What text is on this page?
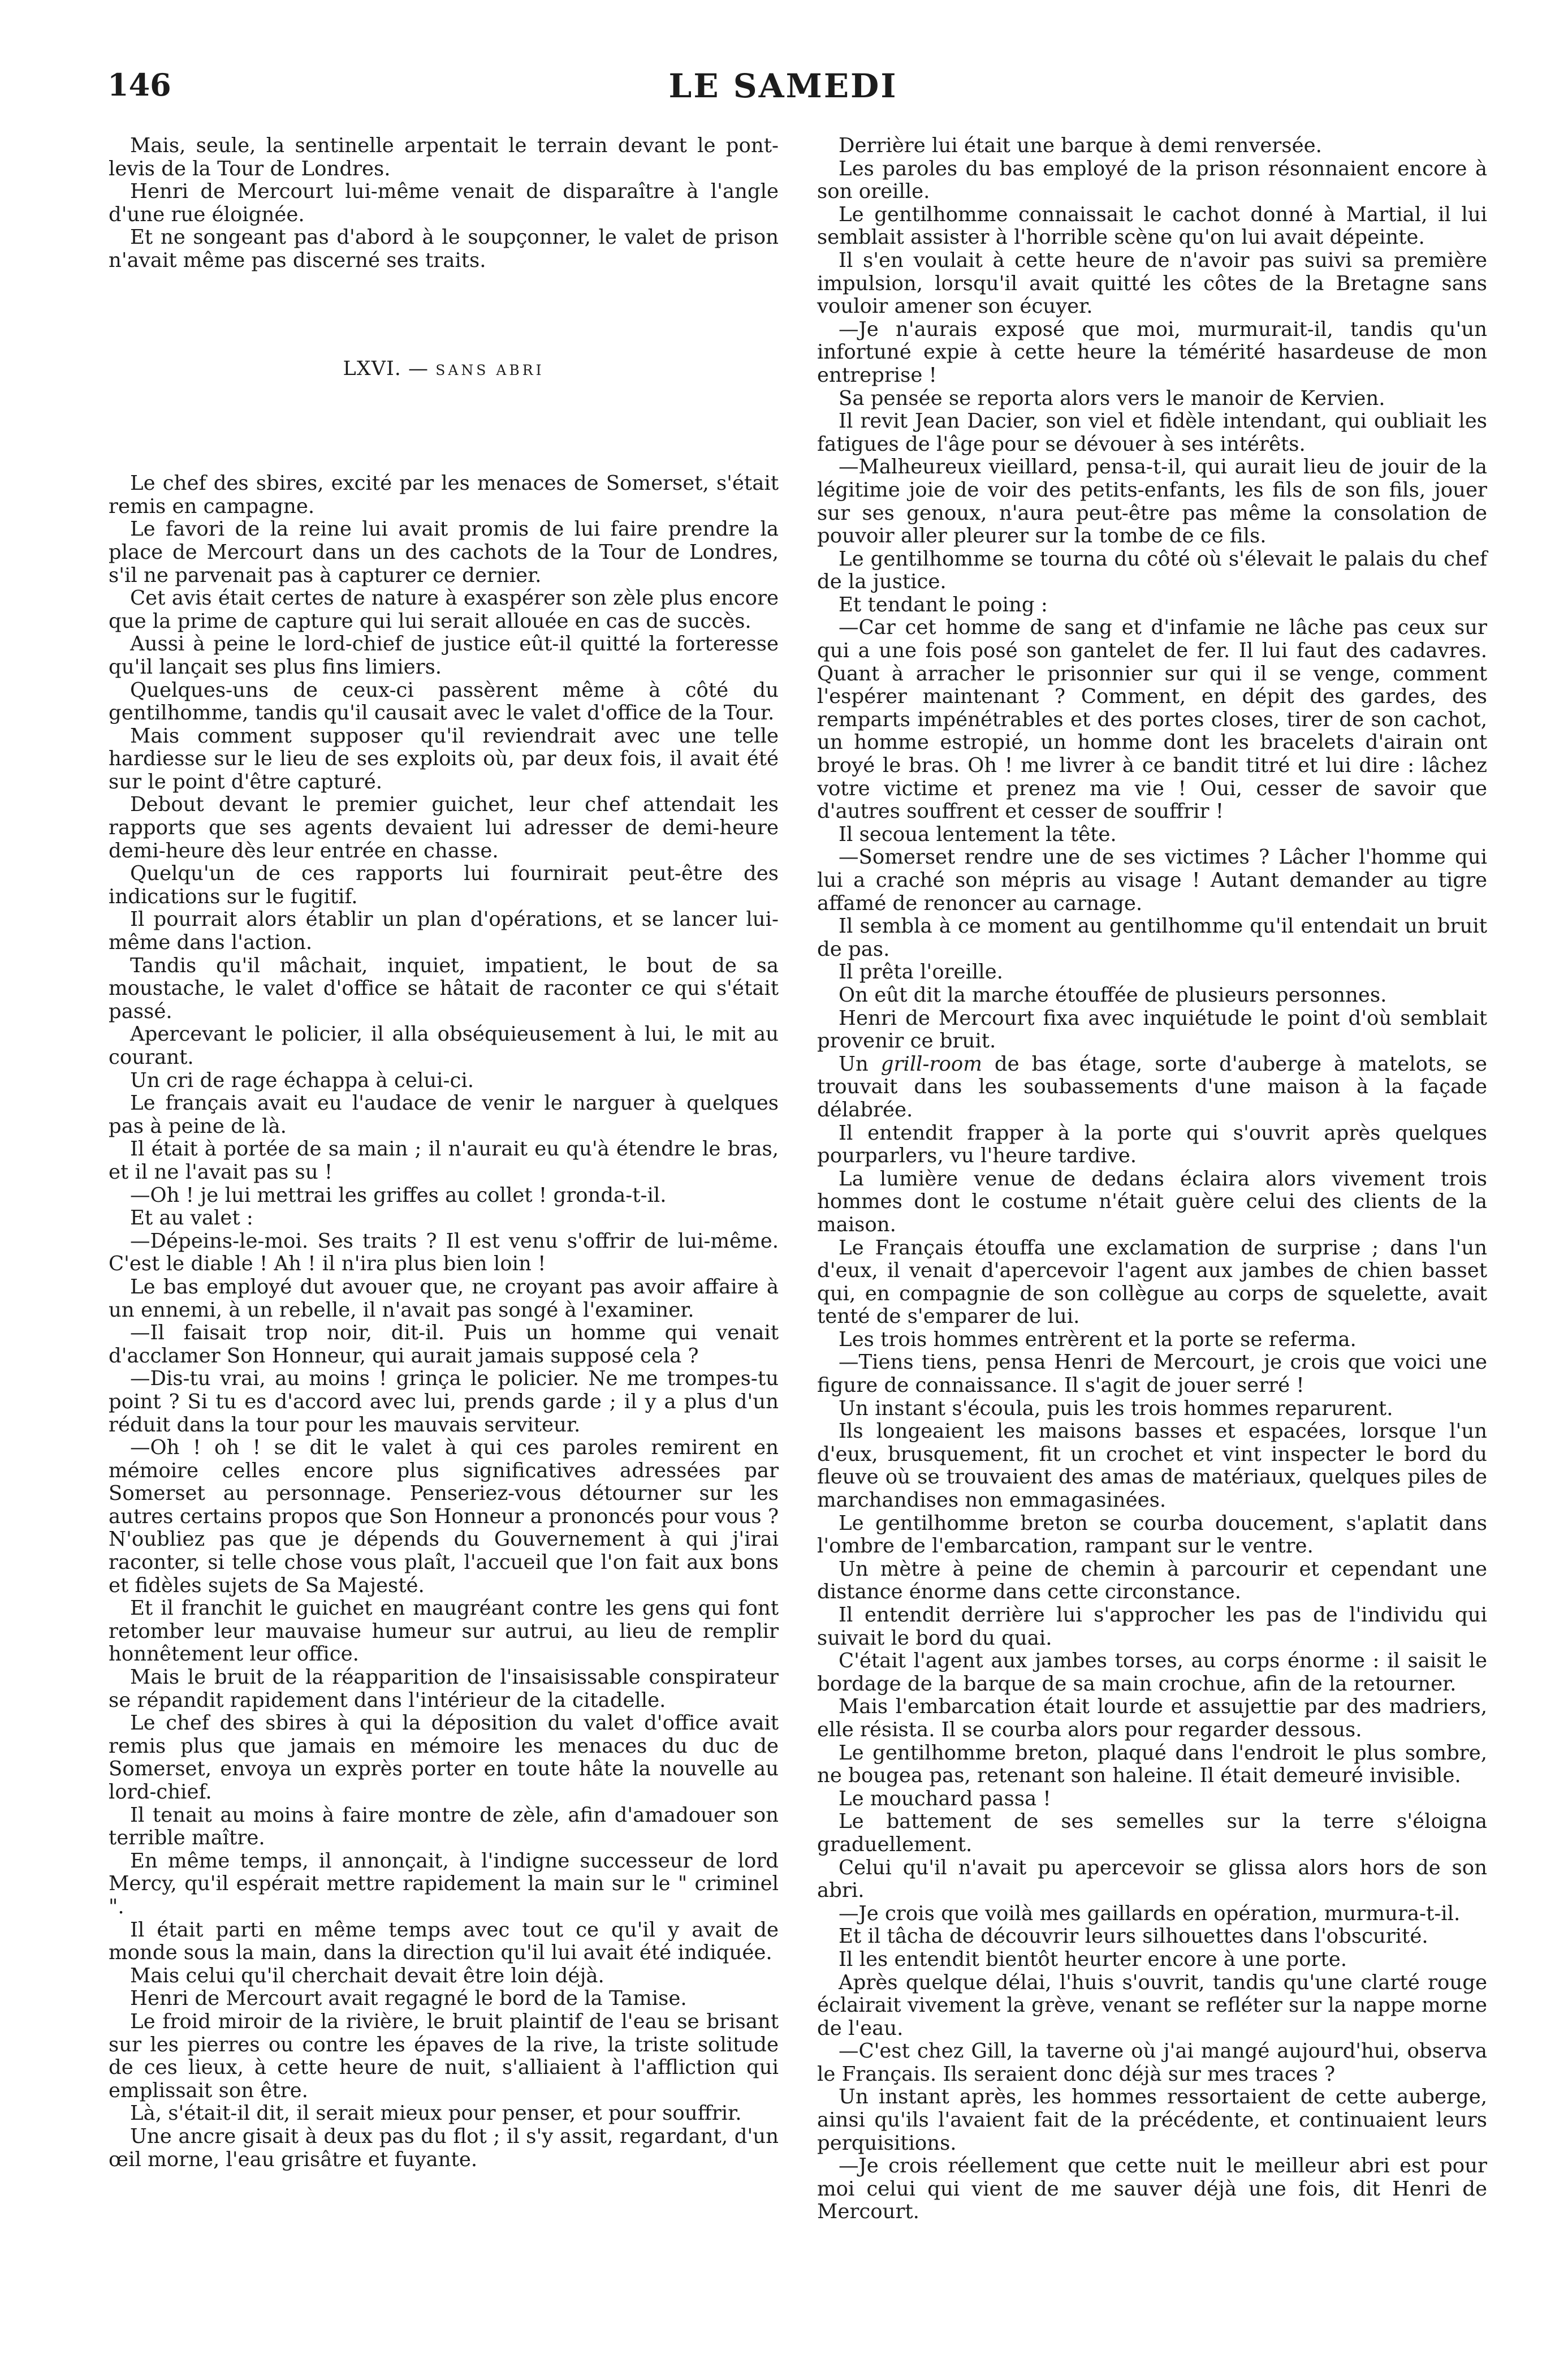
146	LE SAMEDI

Mais, seule, la sentinelle arpentait le terrain devant le pont-levis de la Tour de Londres.

Henri de Mercourt lui-même venait de disparaître à l'angle d'une rue éloignée.

Et ne songeant pas d'abord à le soupçonner, le valet de prison n'avait même pas discerné ses traits.

LXVI. — SANS ABRI

Le chef des sbires, excité par les menaces de Somerset, s'était remis en campagne.

Le favori de la reine lui avait promis de lui faire prendre la place de Mercourt dans un des cachots de la Tour de Londres, s'il ne parvenait pas à capturer ce dernier.

Cet avis était certes de nature à exaspérer son zèle plus encore que la prime de capture qui lui serait allouée en cas de succès.

Aussi à peine le lord-chief de justice eût-il quitté la forteresse qu'il lançait ses plus fins limiers.

Quelques-uns de ceux-ci passèrent même à côté du gentilhomme, tandis qu'il causait avec le valet d'office de la Tour.

Mais comment supposer qu'il reviendrait avec une telle hardiesse sur le lieu de ses exploits où, par deux fois, il avait été sur le point d'être capturé.

Debout devant le premier guichet, leur chef attendait les rapports que ses agents devaient lui adresser de demi-heure demi-heure dès leur entrée en chasse.

Quelqu'un de ces rapports lui fournirait peut-être des indications sur le fugitif.

Il pourrait alors établir un plan d'opérations, et se lancer lui-même dans l'action.

Tandis qu'il mâchait, inquiet, impatient, le bout de sa moustache, le valet d'office se hâtait de raconter ce qui s'était passé.

Apercevant le policier, il alla obséquieusement à lui, le mit au courant.

Un cri de rage échappa à celui-ci.

Le français avait eu l'audace de venir le narguer à quelques pas à peine de là.

Il était à portée de sa main ; il n'aurait eu qu'à étendre le bras, et il ne l'avait pas su !

—Oh ! je lui mettrai les griffes au collet ! gronda-t-il.

Et au valet :

—Dépeins-le-moi. Ses traits ? Il est venu s'offrir de lui-même. C'est le diable ! Ah ! il n'ira plus bien loin !

Le bas employé dut avouer que, ne croyant pas avoir affaire à un ennemi, à un rebelle, il n'avait pas songé à l'examiner.

—Il faisait trop noir, dit-il. Puis un homme qui venait d'acclamer Son Honneur, qui aurait jamais supposé cela ?

—Dis-tu vrai, au moins ! grinça le policier. Ne me trompes-tu point ? Si tu es d'accord avec lui, prends garde ; il y a plus d'un réduit dans la tour pour les mauvais serviteur.

—Oh ! oh ! se dit le valet à qui ces paroles remirent en mémoire celles encore plus significatives adressées par Somerset au personnage. Penseriez-vous détourner sur les autres certains propos que Son Honneur a prononcés pour vous ? N'oubliez pas que je dépends du Gouvernement à qui j'irai raconter, si telle chose vous plaît, l'accueil que l'on fait aux bons et fidèles sujets de Sa Majesté.

Et il franchit le guichet en maugréant contre les gens qui font retomber leur mauvaise humeur sur autrui, au lieu de remplir honnêtement leur office.

Mais le bruit de la réapparition de l'insaisissable conspirateur se répandit rapidement dans l'intérieur de la citadelle.

Le chef des sbires à qui la déposition du valet d'office avait remis plus que jamais en mémoire les menaces du duc de Somerset, envoya un exprès porter en toute hâte la nouvelle au lord-chief.

Il tenait au moins à faire montre de zèle, afin d'amadouer son terrible maître.

En même temps, il annonçait, à l'indigne successeur de lord Mercy, qu'il espérait mettre rapidement la main sur le " criminel ".

Il était parti en même temps avec tout ce qu'il y avait de monde sous la main, dans la direction qu'il lui avait été indiquée.

Mais celui qu'il cherchait devait être loin déjà.

Henri de Mercourt avait regagné le bord de la Tamise.

Le froid miroir de la rivière, le bruit plaintif de l'eau se brisant sur les pierres ou contre les épaves de la rive, la triste solitude de ces lieux, à cette heure de nuit, s'alliaient à l'affliction qui emplissait son être.

Là, s'était-il dit, il serait mieux pour penser, et pour souffrir.

Une ancre gisait à deux pas du flot ; il s'y assit, regardant, d'un œil morne, l'eau grisâtre et fuyante.

Derrière lui était une barque à demi renversée.

Les paroles du bas employé de la prison résonnaient encore à son oreille.

Le gentilhomme connaissait le cachot donné à Martial, il lui semblait assister à l'horrible scène qu'on lui avait dépeinte.

Il s'en voulait à cette heure de n'avoir pas suivi sa première impulsion, lorsqu'il avait quitté les côtes de la Bretagne sans vouloir amener son écuyer.

—Je n'aurais exposé que moi, murmurait-il, tandis qu'un infortuné expie à cette heure la témérité hasardeuse de mon entreprise !

Sa pensée se reporta alors vers le manoir de Kervien.

Il revit Jean Dacier, son viel et fidèle intendant, qui oubliait les fatigues de l'âge pour se dévouer à ses intérêts.

—Malheureux vieillard, pensa-t-il, qui aurait lieu de jouir de la légitime joie de voir des petits-enfants, les fils de son fils, jouer sur ses genoux, n'aura peut-être pas même la consolation de pouvoir aller pleurer sur la tombe de ce fils.

Le gentilhomme se tourna du côté où s'élevait le palais du chef de la justice.

Et tendant le poing :

—Car cet homme de sang et d'infamie ne lâche pas ceux sur qui a une fois posé son gantelet de fer. Il lui faut des cadavres. Quant à arracher le prisonnier sur qui il se venge, comment l'espérer maintenant ? Comment, en dépit des gardes, des remparts impénétrables et des portes closes, tirer de son cachot, un homme estropié, un homme dont les bracelets d'airain ont broyé le bras. Oh ! me livrer à ce bandit titré et lui dire : lâchez votre victime et prenez ma vie ! Oui, cesser de savoir que d'autres souffrent et cesser de souffrir !

Il secoua lentement la tête.

—Somerset rendre une de ses victimes ? Lâcher l'homme qui lui a craché son mépris au visage ! Autant demander au tigre affamé de renoncer au carnage.

Il sembla à ce moment au gentilhomme qu'il entendait un bruit de pas.

Il prêta l'oreille.

On eût dit la marche étouffée de plusieurs personnes.

Henri de Mercourt fixa avec inquiétude le point d'où semblait provenir ce bruit.

Un grill-room de bas étage, sorte d'auberge à matelots, se trouvait dans les soubassements d'une maison à la façade délabrée.

Il entendit frapper à la porte qui s'ouvrit après quelques pourparlers, vu l'heure tardive.

La lumière venue de dedans éclaira alors vivement trois hommes dont le costume n'était guère celui des clients de la maison.

Le Français étouffa une exclamation de surprise ; dans l'un d'eux, il venait d'apercevoir l'agent aux jambes de chien basset qui, en compagnie de son collègue au corps de squelette, avait tenté de s'emparer de lui.

Les trois hommes entrèrent et la porte se referma.

—Tiens tiens, pensa Henri de Mercourt, je crois que voici une figure de connaissance. Il s'agit de jouer serré !

Un instant s'écoula, puis les trois hommes reparurent.

Ils longeaient les maisons basses et espacées, lorsque l'un d'eux, brusquement, fit un crochet et vint inspecter le bord du fleuve où se trouvaient des amas de matériaux, quelques piles de marchandises non emmagasinées.

Le gentilhomme breton se courba doucement, s'aplatit dans l'ombre de l'embarcation, rampant sur le ventre.

Un mètre à peine de chemin à parcourir et cependant une distance énorme dans cette circonstance.

Il entendit derrière lui s'approcher les pas de l'individu qui suivait le bord du quai.

C'était l'agent aux jambes torses, au corps énorme : il saisit le bordage de la barque de sa main crochue, afin de la retourner.

Mais l'embarcation était lourde et assujettie par des madriers, elle résista. Il se courba alors pour regarder dessous.

Le gentilhomme breton, plaqué dans l'endroit le plus sombre, ne bougea pas, retenant son haleine. Il était demeuré invisible.

Le mouchard passa !

Le battement de ses semelles sur la terre s'éloigna graduellement.

Celui qu'il n'avait pu apercevoir se glissa alors hors de son abri.

—Je crois que voilà mes gaillards en opération, murmura-t-il.

Et il tâcha de découvrir leurs silhouettes dans l'obscurité.

Il les entendit bientôt heurter encore à une porte.

Après quelque délai, l'huis s'ouvrit, tandis qu'une clarté rouge éclairait vivement la grève, venant se refléter sur la nappe morne de l'eau.

—C'est chez Gill, la taverne où j'ai mangé aujourd'hui, observa le Français. Ils seraient donc déjà sur mes traces ?

Un instant après, les hommes ressortaient de cette auberge, ainsi qu'ils l'avaient fait de la précédente, et continuaient leurs perquisitions.

—Je crois réellement que cette nuit le meilleur abri est pour moi celui qui vient de me sauver déjà une fois, dit Henri de Mercourt.
